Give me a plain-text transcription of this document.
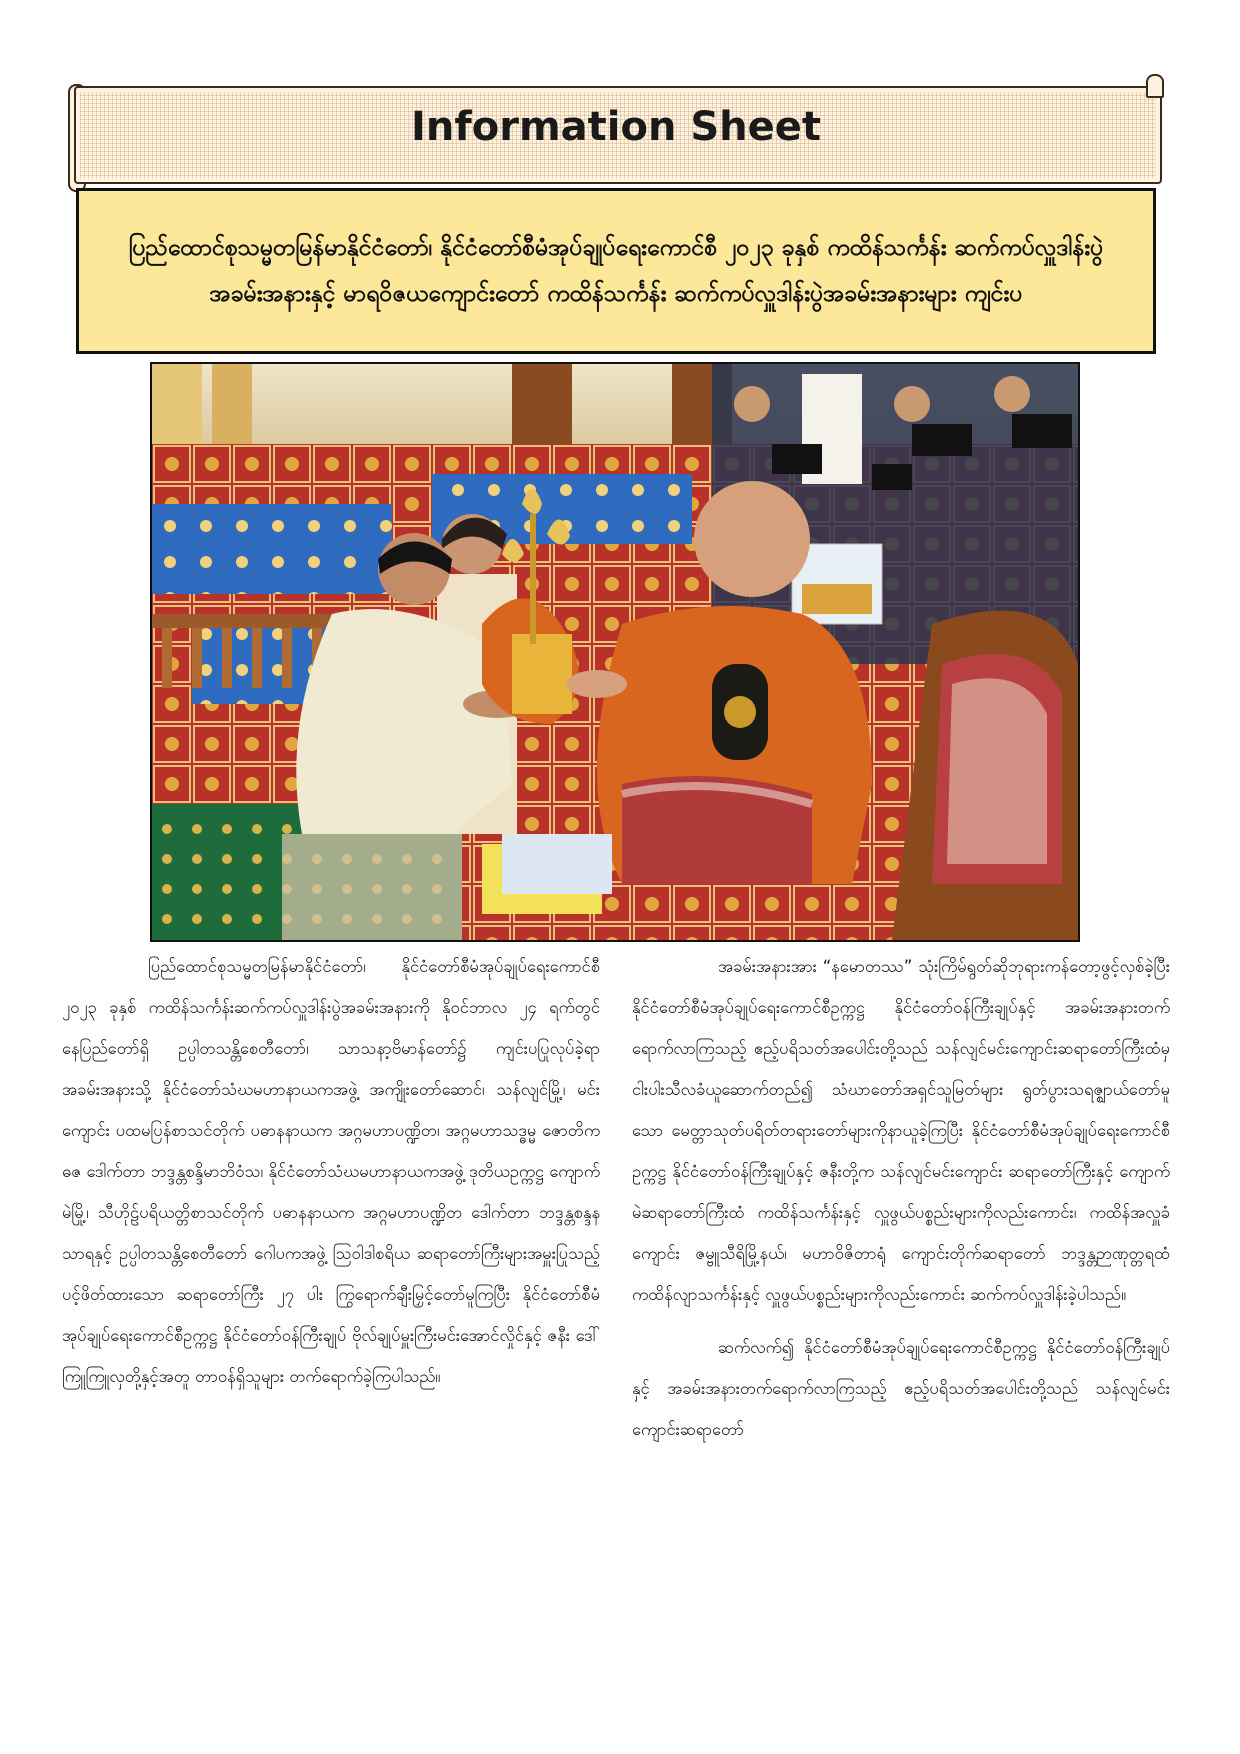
Information Sheet
ပြည်ထောင်စုသမ္မတမြန်မာနိုင်ငံတော်၊ နိုင်ငံတော်စီမံအုပ်ချုပ်ရေးကောင်စီ ၂၀၂၃ ခုနှစ် ကထိန်သင်္ကန်း ဆက်ကပ်လှူဒါန်းပွဲအခမ်းအနားနှင့် မာရဝိဇယကျောင်းတော် ကထိန်သင်္ကန်း ဆက်ကပ်လှူဒါန်းပွဲအခမ်းအနားများ ကျင်းပ

ပြည်ထောင်စုသမ္မတမြန်မာနိုင်ငံတော်၊ နိုင်ငံတော်စီမံအုပ်ချုပ်ရေးကောင်စီ ၂၀၂၃ ခုနှစ် ကထိန်သင်္ကန်းဆက်ကပ်လှူဒါန်းပွဲအခမ်းအနားကို နိုဝင်ဘာလ ၂၄ ရက်တွင် နေပြည်တော်ရှိ ဥပ္ပါတသန္တိစေတီတော်၊ သာသနာ့ဗိမာန်တော်၌ ကျင်းပပြုလုပ်ခဲ့ရာ အခမ်းအနားသို့ နိုင်ငံတော်သံဃမဟာနာယကအဖွဲ့ အကျိုးတော်ဆောင်၊ သန်လျင်မြို့၊ မင်းကျောင်း ပထမပြန်စာသင်တိုက် ပဓာနနာယက အဂ္ဂမဟာပဏ္ဍိတ၊ အဂ္ဂမဟာသဒ္ဓမ္မ ဇောတိကဓဇ ဒေါက်တာ ဘဒ္ဒန္တစန္ဒိမာဘိဝံသ၊ နိုင်ငံတော်သံဃမဟာနာယကအဖွဲ့ ဒုတိယဥက္ကဋ္ဌ ကျောက်မဲမြို့၊ သီဟိုဠ်ပရိယတ္တိစာသင်တိုက် ပဓာနနာယက အဂ္ဂမဟာပဏ္ဍိတ ဒေါက်တာ ဘဒ္ဒန္တစန္ဒနသာရနှင့် ဥပ္ပါတသန္တိစေတီတော် ဂေါပကအဖွဲ့ သြဝါဒါစရိယ ဆရာတော်ကြီးများအမှူးပြုသည့် ပင့်ဖိတ်ထားသော ဆရာတော်ကြီး ၂၇ ပါး ကြွရောက်ချီးမြှင့်တော်မူကြပြီး နိုင်ငံတော်စီမံအုပ်ချုပ်ရေးကောင်စီဥက္ကဋ္ဌ နိုင်ငံတော်ဝန်ကြီးချုပ် ဗိုလ်ချုပ်မှူးကြီးမင်းအောင်လှိုင်နှင့် ဇနီး ဒေါ်ကြူကြူလှတို့နှင့်အတူ တာဝန်ရှိသူများ တက်ရောက်ခဲ့ကြပါသည်။

အခမ်းအနားအား “နမောတဿ” သုံးကြိမ်ရွတ်ဆိုဘုရားကန်တော့ဖွင့်လှစ်ခဲ့ပြီး နိုင်ငံတော်စီမံအုပ်ချုပ်ရေးကောင်စီဥက္ကဋ္ဌ နိုင်ငံတော်ဝန်ကြီးချုပ်နှင့် အခမ်းအနားတက်ရောက်လာကြသည့် ဧည့်ပရိသတ်အပေါင်းတို့သည် သန်လျင်မင်းကျောင်းဆရာတော်ကြီးထံမှ ငါးပါးသီလခံယူဆောက်တည်၍ သံဃာတော်အရှင်သူမြတ်များ ရွတ်ပွားသရဇ္ဈာယ်တော်မူသော မေတ္တာသုတ်ပရိတ်တရားတော်များကိုနာယူခဲ့ကြပြီး နိုင်ငံတော်စီမံအုပ်ချုပ်ရေးကောင်စီဥက္ကဋ္ဌ နိုင်ငံတော်ဝန်ကြီးချုပ်နှင့် ဇနီးတို့က သန်လျင်မင်းကျောင်း ဆရာတော်ကြီးနှင့် ကျောက်မဲဆရာတော်ကြီးထံ ကထိန်သင်္ကန်းနှင့် လှူဖွယ်ပစ္စည်းများကိုလည်းကောင်း၊ ကထိန်အလှူခံကျောင်း ဇမ္ဗူသီရိမြို့နယ်၊ မဟာဝိဇိတာရုံ ကျောင်းတိုက်ဆရာတော် ဘဒ္ဒန္တဉာဏုတ္တရထံ ကထိန်လျာသင်္ကန်းနှင့် လှူဖွယ်ပစ္စည်းများကိုလည်းကောင်း ဆက်ကပ်လှူဒါန်းခဲ့ပါသည်။

ဆက်လက်၍ နိုင်ငံတော်စီမံအုပ်ချုပ်ရေးကောင်စီဥက္ကဋ္ဌ နိုင်ငံတော်ဝန်ကြီးချုပ်နှင့် အခမ်းအနားတက်ရောက်လာကြသည့် ဧည့်ပရိသတ်အပေါင်းတို့သည် သန်လျင်မင်းကျောင်းဆရာတော်
